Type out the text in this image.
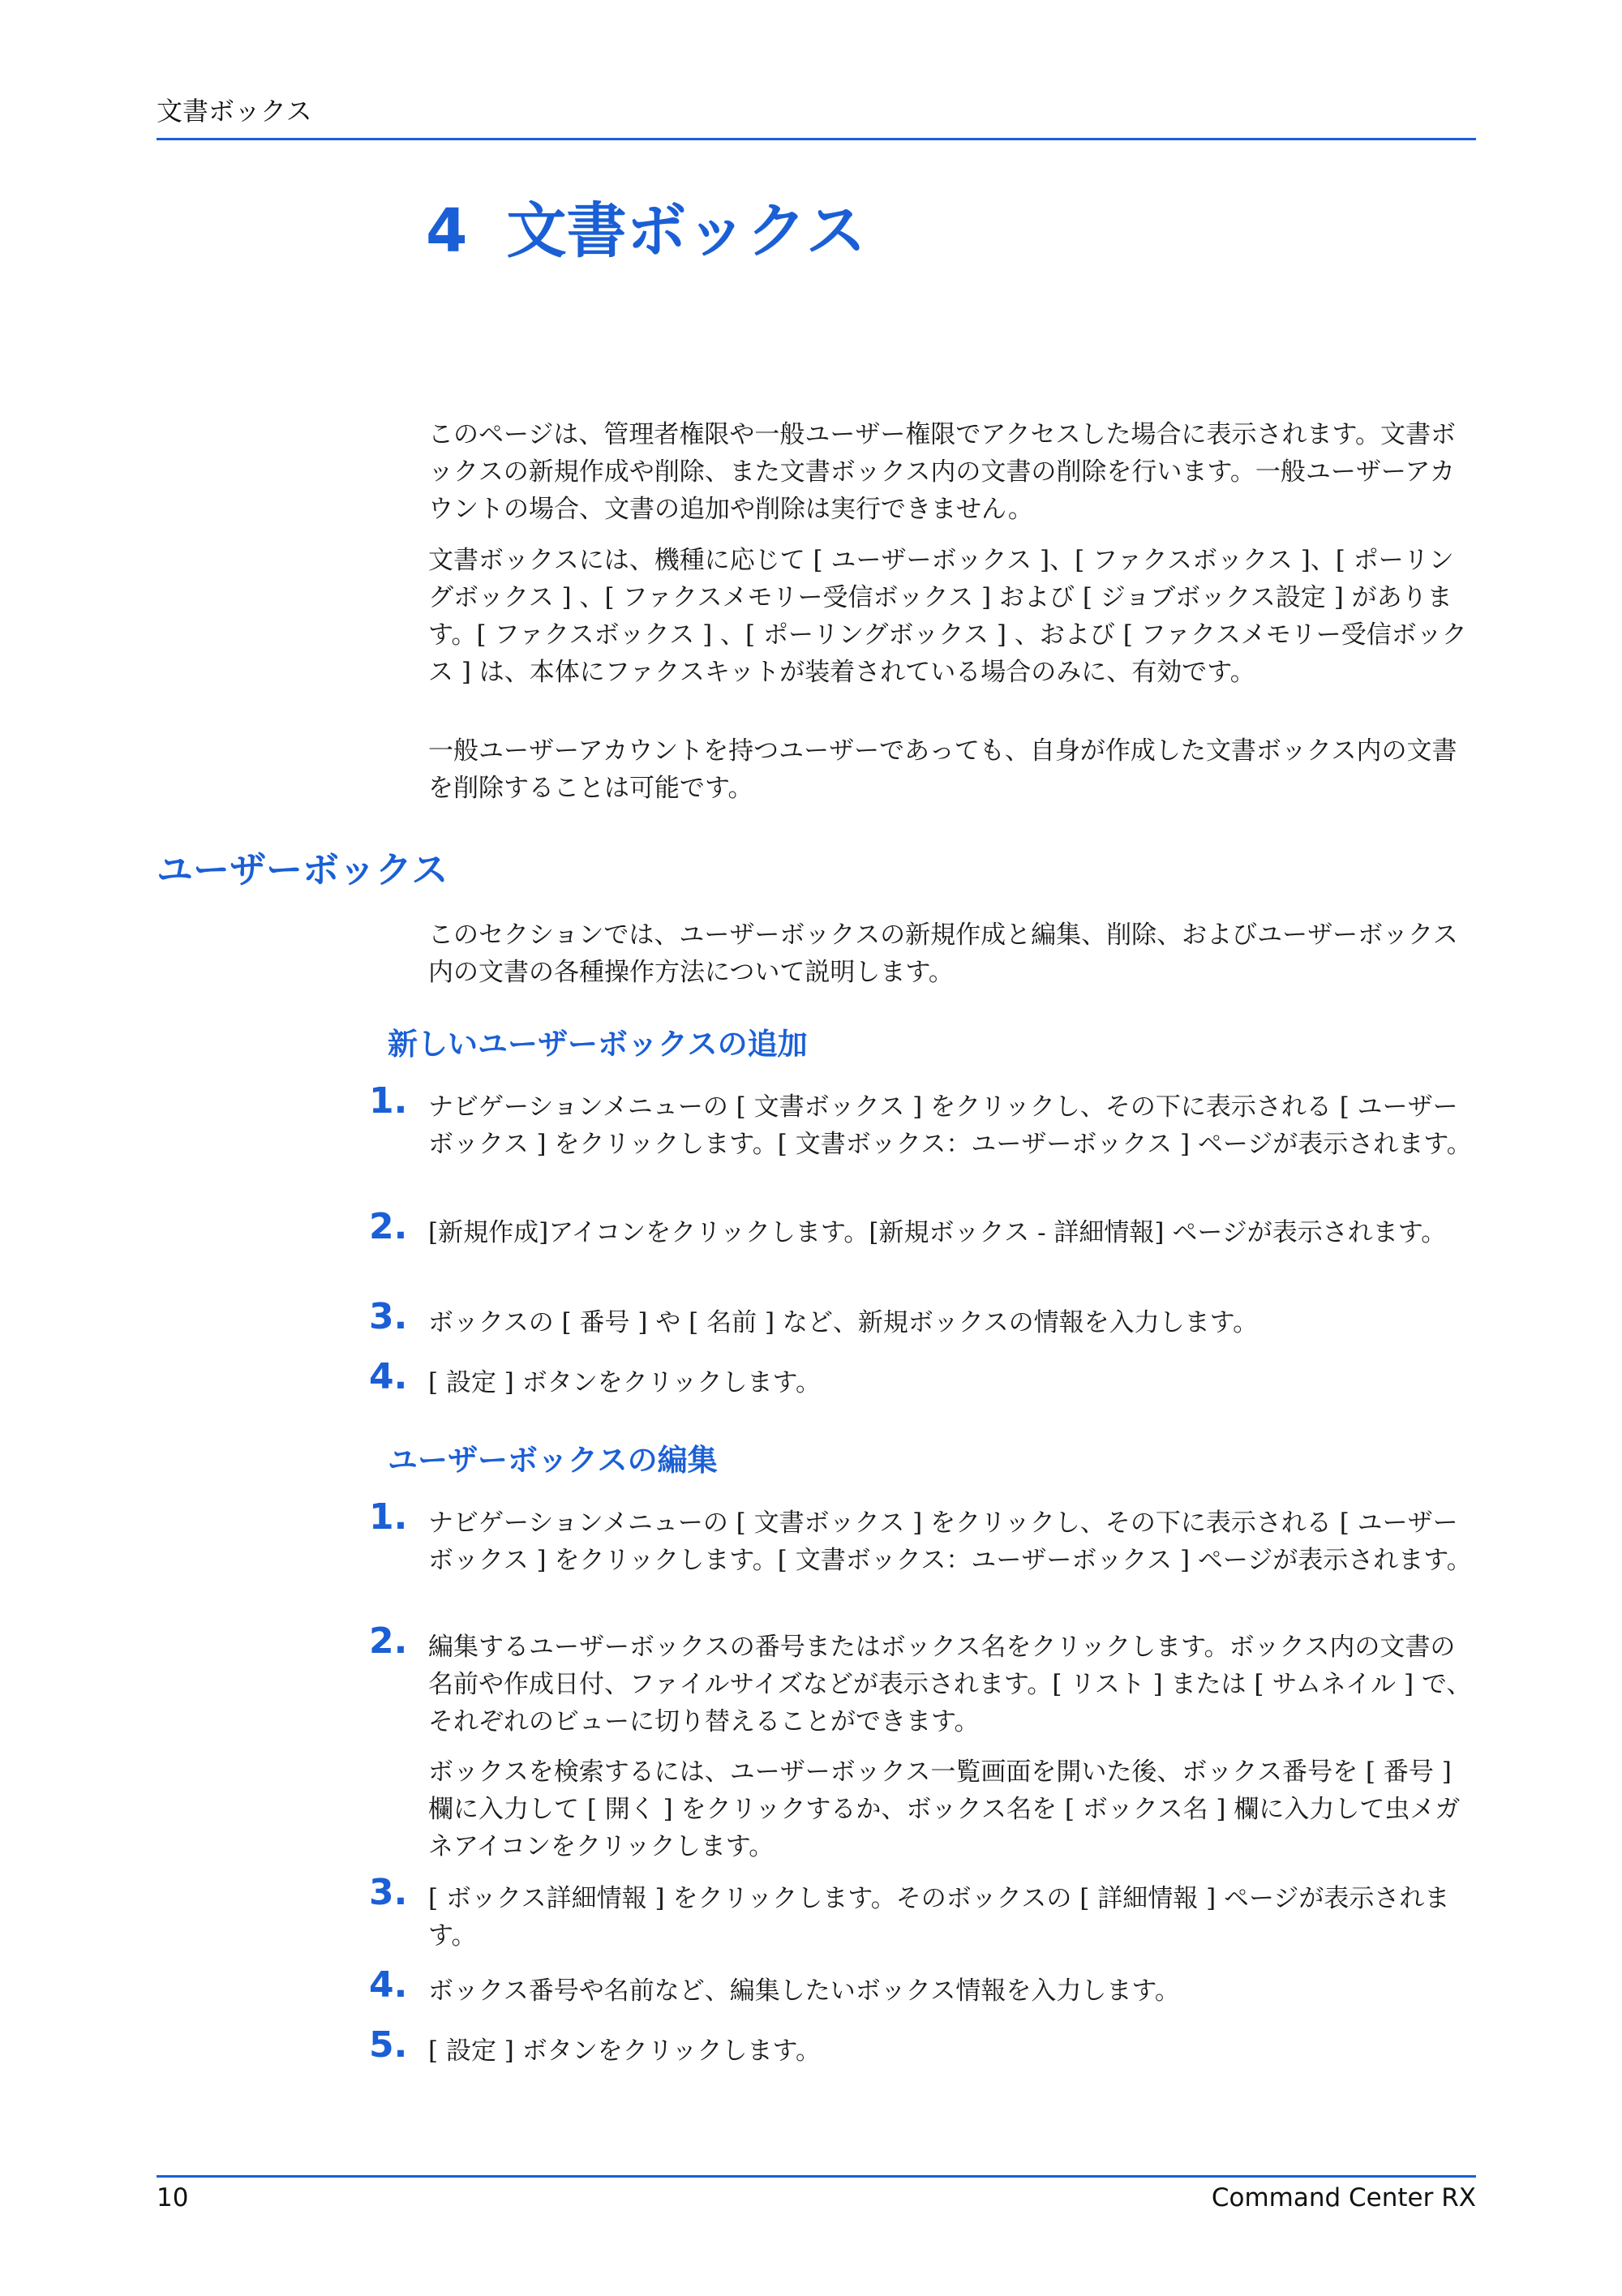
文書ボックス
4 文書ボックス

このページは、管理者権限や一般ユーザー権限でアクセスした場合に表示されます。文書ボックスの新規作成や削除、また文書ボックス内の文書の削除を行います。一般ユーザーアカウントの場合、文書の追加や削除は実行できません。

文書ボックスには、機種に応じて [ ユーザーボックス ]、[ ファクスボックス ]、[ ポーリングボックス ] 、[ ファクスメモリー受信ボックス ] および [ ジョブボックス設定 ] があります。[ ファクスボックス ] 、[ ポーリングボックス ] 、および [ ファクスメモリー受信ボックス ] は、本体にファクスキットが装着されている場合のみに、有効です。

一般ユーザーアカウントを持つユーザーであっても、自身が作成した文書ボックス内の文書を削除することは可能です。

ユーザーボックス

このセクションでは、ユーザーボックスの新規作成と編集、削除、およびユーザーボックス内の文書の各種操作方法について説明します。

新しいユーザーボックスの追加
1. ナビゲーションメニューの [ 文書ボックス ] をクリックし、その下に表示される [ ユーザーボックス ] をクリックします。[ 文書ボックス：ユーザーボックス ] ページが表示されます。

2. [新規作成]アイコンをクリックします。[新規ボックス - 詳細情報] ページが表示されます。

3. ボックスの [ 番号 ] や [ 名前 ] など、新規ボックスの情報を入力します。

4. [ 設定 ] ボタンをクリックします。

ユーザーボックスの編集
1. ナビゲーションメニューの [ 文書ボックス ] をクリックし、その下に表示される [ ユーザーボックス ] をクリックします。[ 文書ボックス：ユーザーボックス ] ページが表示されます。

2. 編集するユーザーボックスの番号またはボックス名をクリックします。ボックス内の文書の名前や作成日付、ファイルサイズなどが表示されます。[ リスト ] または [ サムネイル ] で、それぞれのビューに切り替えることができます。

ボックスを検索するには、ユーザーボックス一覧画面を開いた後、ボックス番号を [ 番号 ] 欄に入力して [ 開く ] をクリックするか、ボックス名を [ ボックス名 ] 欄に入力して虫メガネアイコンをクリックします。

3. [ ボックス詳細情報 ] をクリックします。そのボックスの [ 詳細情報 ] ページが表示されます。

4. ボックス番号や名前など、編集したいボックス情報を入力します。

5. [ 設定 ] ボタンをクリックします。

10	Command Center RX
